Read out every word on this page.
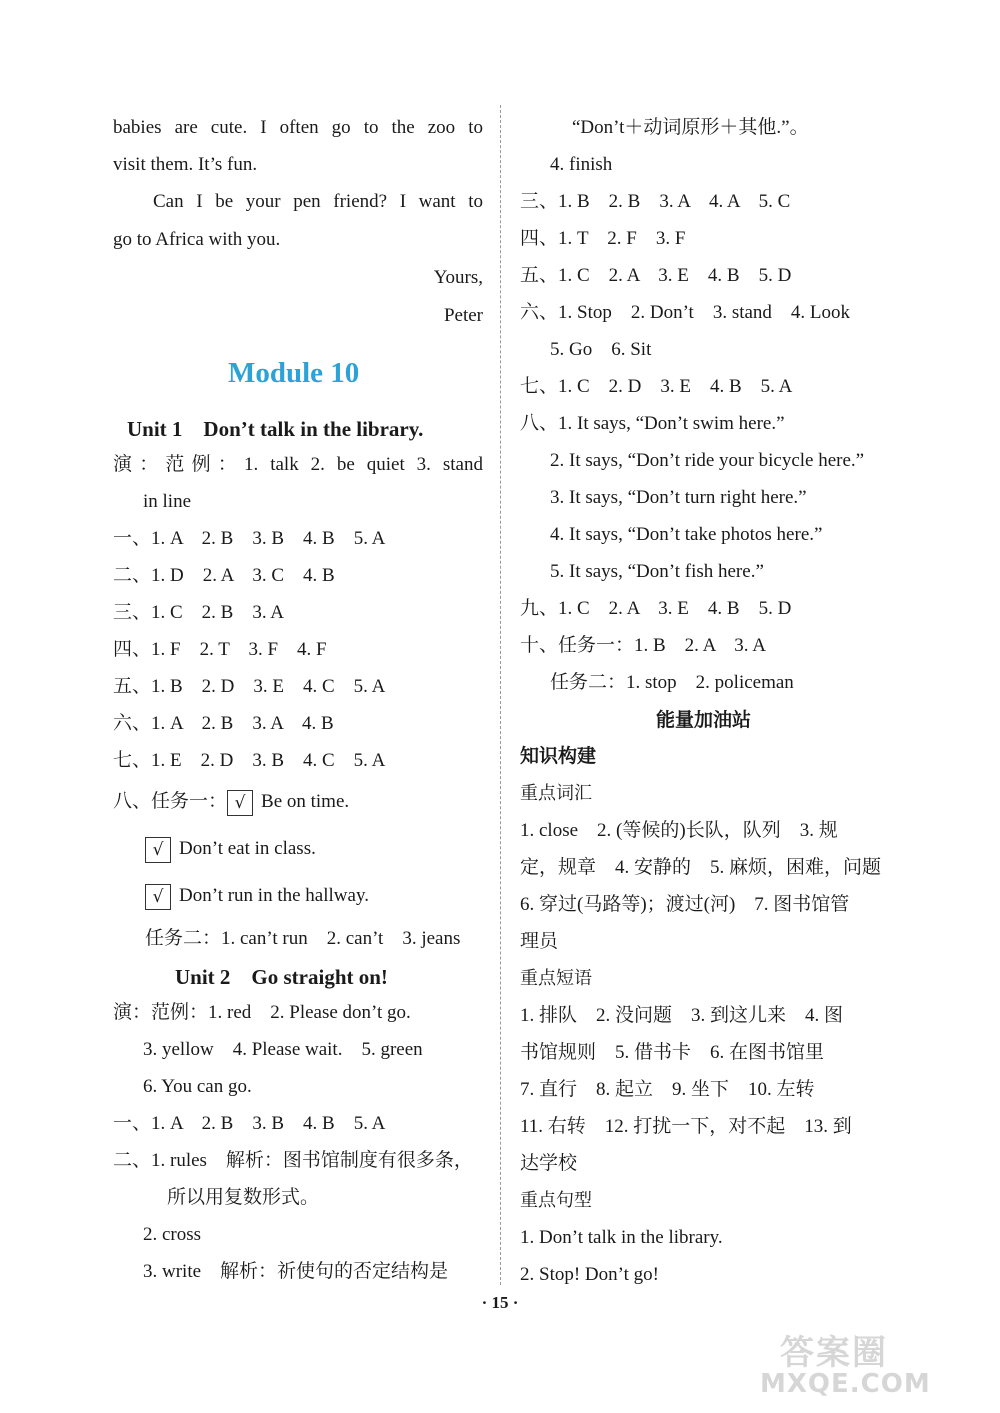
babies are cute. I often go to the zoo to
visit them. It’s fun.
Can I be your pen friend? I want to
go to Africa with you.
Yours,
Peter
Module 10
Unit 1    Don’t talk in the library.
演：范例：1. talk 2. be quiet 3. stand
in line
一、1. A    2. B    3. B    4. B    5. A
二、1. D    2. A    3. C    4. B
三、1. C    2. B    3. A
四、1. F    2. T    3. F    4. F
五、1. B    2. D    3. E    4. C    5. A
六、1. A    2. B    3. A    4. B
七、1. E    2. D    3. B    4. C    5. A
八、任务一： √ Be on time.
√ Don’t eat in class.
√ Don’t run in the hallway.
任务二：1. can’t run    2. can’t    3. jeans
Unit 2    Go straight on!
演：范例：1. red    2. Please don’t go.
3. yellow    4. Please wait.    5. green
6. You can go.
一、1. A    2. B    3. B    4. B    5. A
二、1. rules    解析：图书馆制度有很多条，
所以用复数形式。
2. cross
3. write    解析：祈使句的否定结构是
“Don’t＋动词原形＋其他.”。
4. finish
三、1. B    2. B    3. A    4. A    5. C
四、1. T    2. F    3. F
五、1. C    2. A    3. E    4. B    5. D
六、1. Stop    2. Don’t    3. stand    4. Look
5. Go    6. Sit
七、1. C    2. D    3. E    4. B    5. A
八、1. It says, “Don’t swim here.”
2. It says, “Don’t ride your bicycle here.”
3. It says, “Don’t turn right here.”
4. It says, “Don’t take photos here.”
5. It says, “Don’t fish here.”
九、1. C    2. A    3. E    4. B    5. D
十、任务一：1. B    2. A    3. A
任务二：1. stop    2. policeman
能量加油站
知识构建
重点词汇
1. close    2. (等候的)长队，队列    3. 规
定，规章    4. 安静的    5. 麻烦，困难，问题
6. 穿过(马路等)；渡过(河)    7. 图书馆管
理员
重点短语
1. 排队    2. 没问题    3. 到这儿来    4. 图
书馆规则    5. 借书卡    6. 在图书馆里
7. 直行    8. 起立    9. 坐下    10. 左转
11. 右转    12. 打扰一下，对不起    13. 到
达学校
重点句型
1. Don’t talk in the library.
2. Stop! Don’t go!
· 15 ·
答案圈
MXQE.COM
